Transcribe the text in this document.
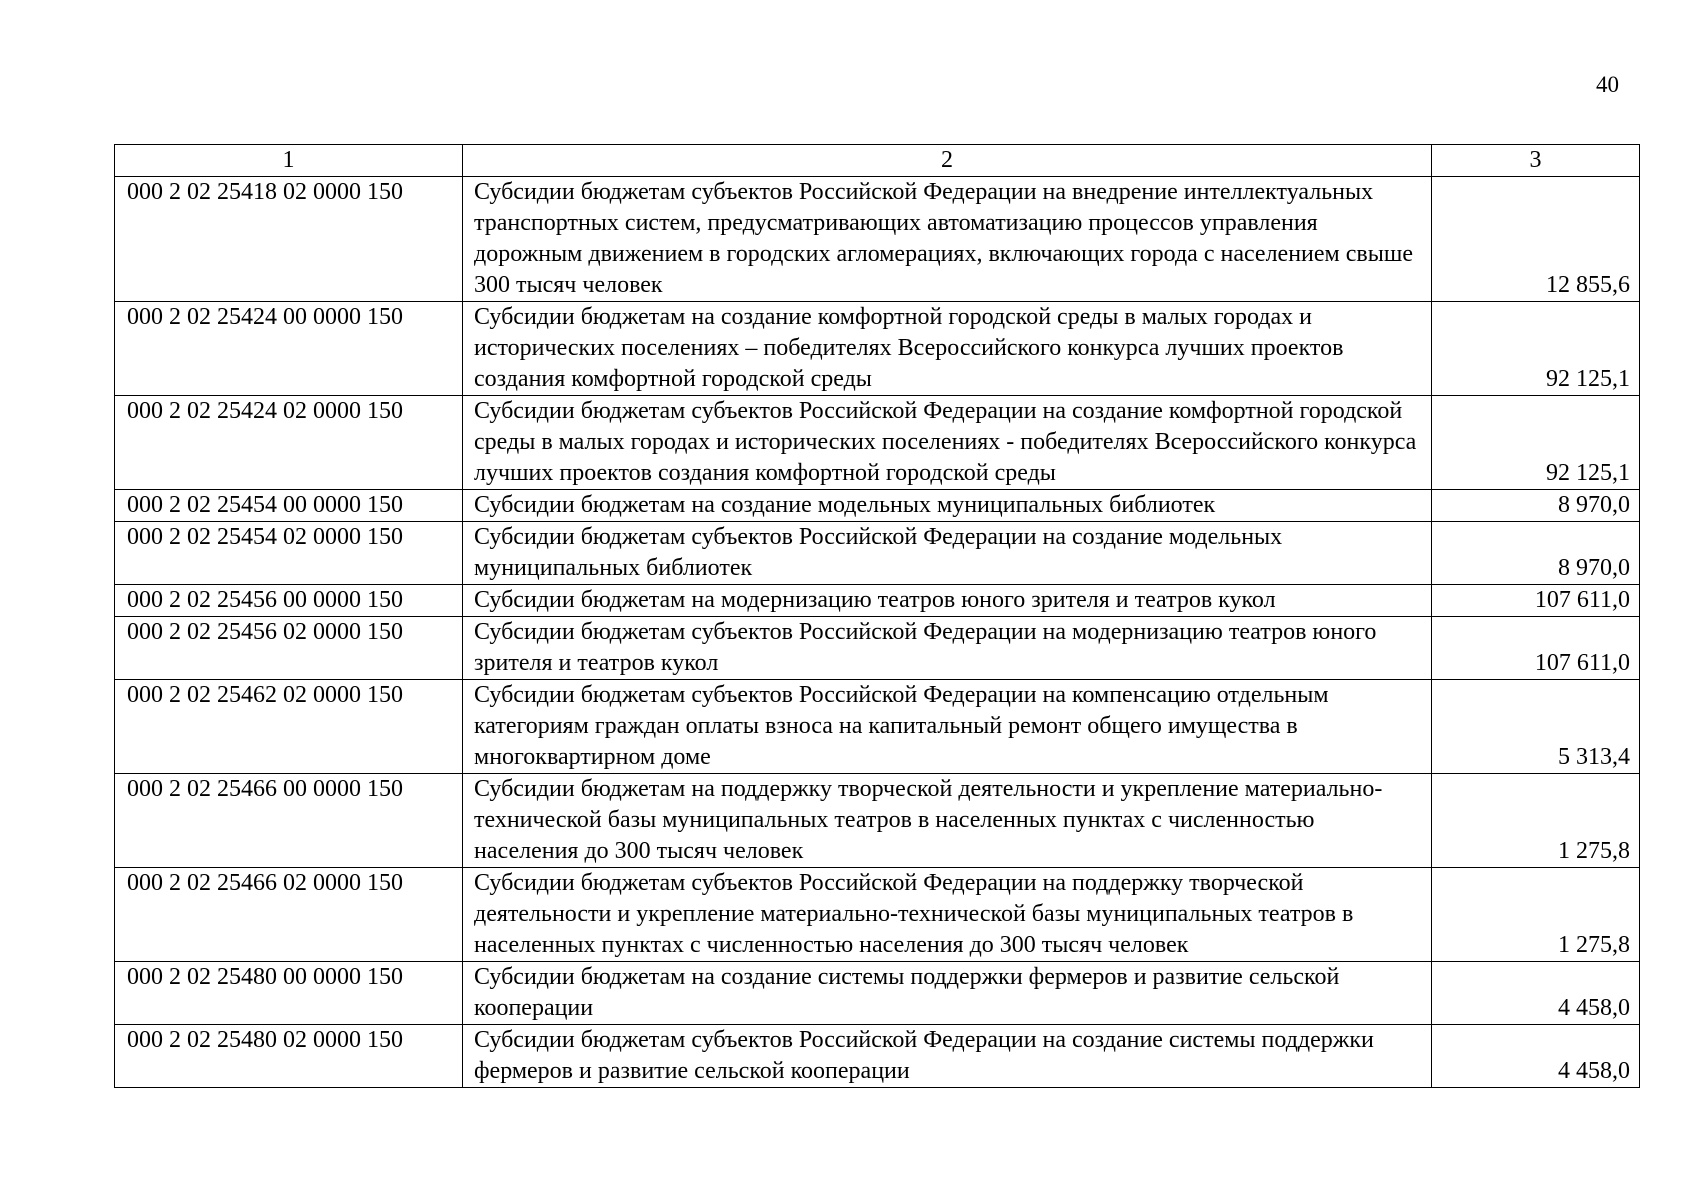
40
1	2	3
000 2 02 25418 02 0000 150	Субсидии бюджетам субъектов Российской Федерации на внедрение интеллектуальных транспортных систем, предусматривающих автоматизацию процессов управления дорожным движением в городских агломерациях, включающих города с населением свыше 300 тысяч человек	12 855,6
000 2 02 25424 00 0000 150	Субсидии бюджетам на создание комфортной городской среды в малых городах и исторических поселениях – победителях Всероссийского конкурса лучших проектов создания комфортной городской среды	92 125,1
000 2 02 25424 02 0000 150	Субсидии бюджетам субъектов Российской Федерации на создание комфортной городской среды в малых городах и исторических поселениях - победителях Всероссийского конкурса лучших проектов создания комфортной городской среды	92 125,1
000 2 02 25454 00 0000 150	Субсидии бюджетам на создание модельных муниципальных библиотек	8 970,0
000 2 02 25454 02 0000 150	Субсидии бюджетам субъектов Российской Федерации на создание модельных муниципальных библиотек	8 970,0
000 2 02 25456 00 0000 150	Субсидии бюджетам на модернизацию театров юного зрителя и театров кукол	107 611,0
000 2 02 25456 02 0000 150	Субсидии бюджетам субъектов Российской Федерации на модернизацию театров юного зрителя и театров кукол	107 611,0
000 2 02 25462 02 0000 150	Субсидии бюджетам субъектов Российской Федерации на компенсацию отдельным категориям граждан оплаты взноса на капитальный ремонт общего имущества в многоквартирном доме	5 313,4
000 2 02 25466 00 0000 150	Субсидии бюджетам на поддержку творческой деятельности и укрепление материально-технической базы муниципальных театров в населенных пунктах с численностью населения до 300 тысяч человек	1 275,8
000 2 02 25466 02 0000 150	Субсидии бюджетам субъектов Российской Федерации на поддержку творческой деятельности и укрепление материально-технической базы муниципальных театров в населенных пунктах с численностью населения до 300 тысяч человек	1 275,8
000 2 02 25480 00 0000 150	Субсидии бюджетам на создание системы поддержки фермеров и развитие сельской кооперации	4 458,0
000 2 02 25480 02 0000 150	Субсидии бюджетам субъектов Российской Федерации на создание системы поддержки фермеров и развитие сельской кооперации	4 458,0
